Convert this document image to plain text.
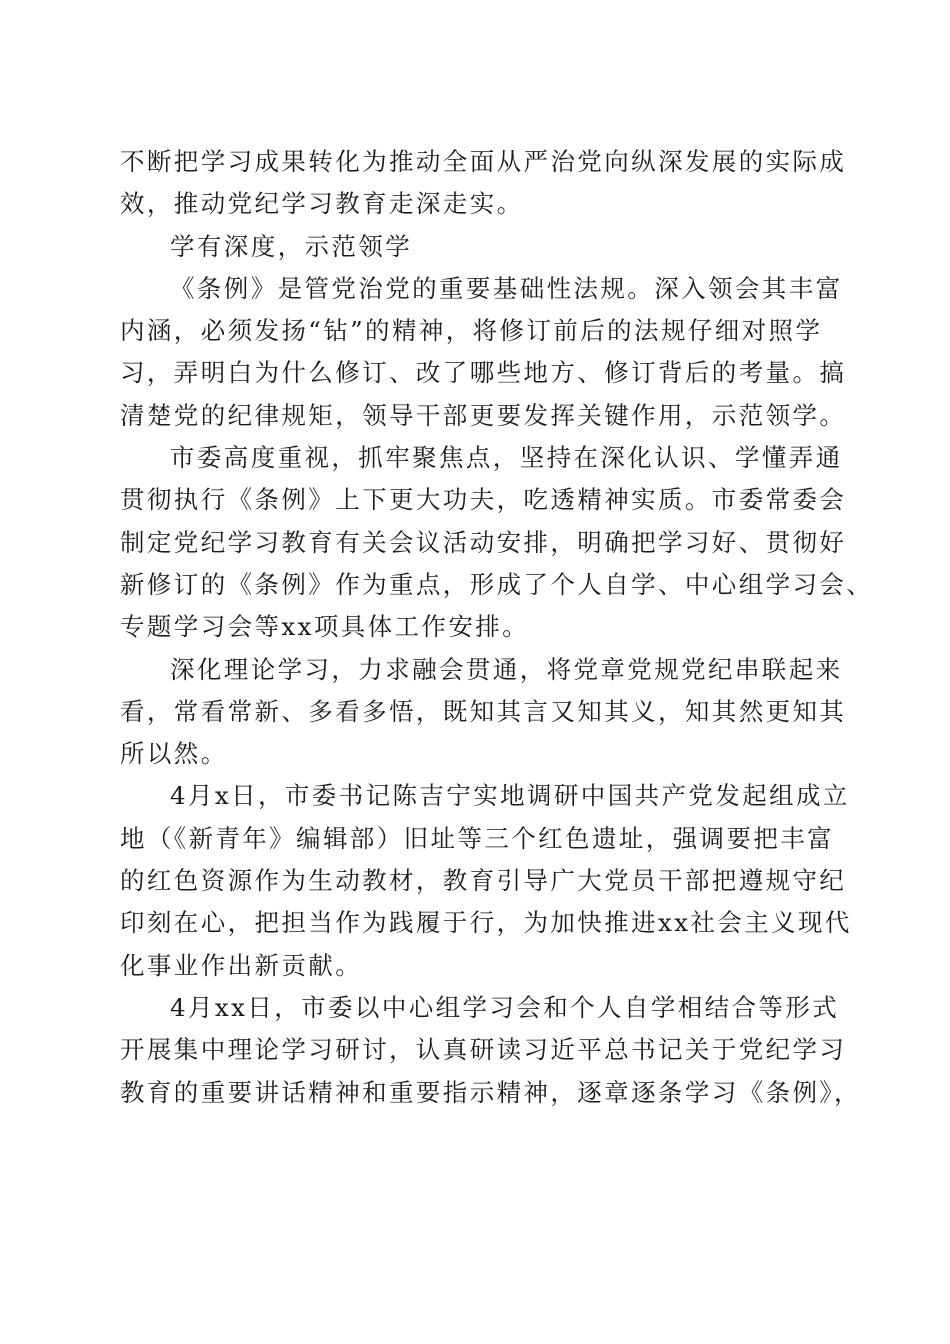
不断把学习成果转化为推动全面从严治党向纵深发展的实际成
效，推动党纪学习教育走深走实。

学有深度，示范领学

《条例》是管党治党的重要基础性法规。深入领会其丰富
内涵，必须发扬“钻”的精神，将修订前后的法规仔细对照学
习，弄明白为什么修订、改了哪些地方、修订背后的考量。搞
清楚党的纪律规矩，领导干部更要发挥关键作用，示范领学。

市委高度重视，抓牢聚焦点，坚持在深化认识、学懂弄通
贯彻执行《条例》上下更大功夫，吃透精神实质。市委常委会
制定党纪学习教育有关会议活动安排，明确把学习好、贯彻好
新修订的《条例》作为重点，形成了个人自学、中心组学习会、
专题学习会等xx项具体工作安排。

深化理论学习，力求融会贯通，将党章党规党纪串联起来
看，常看常新、多看多悟，既知其言又知其义，知其然更知其
所以然。

4月x日，市委书记陈吉宁实地调研中国共产党发起组成立
地（《新青年》编辑部）旧址等三个红色遗址，强调要把丰富
的红色资源作为生动教材，教育引导广大党员干部把遵规守纪
印刻在心，把担当作为践履于行，为加快推进xx社会主义现代
化事业作出新贡献。

4月xx日，市委以中心组学习会和个人自学相结合等形式
开展集中理论学习研讨，认真研读习近平总书记关于党纪学习
教育的重要讲话精神和重要指示精神，逐章逐条学习《条例》，
